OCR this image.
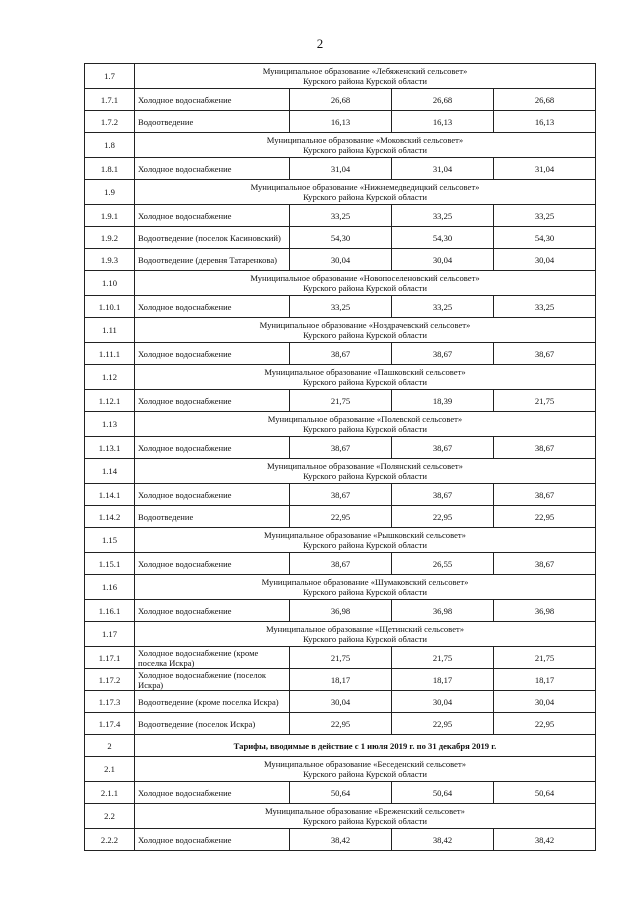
2
1.7	Муниципальное образование «Лебяженский сельсовет»
Курского района Курской области			

1.7.1	Холодное водоснабжение	26,68	26,68	26,68
1.7.2	Водоотведение	16,13	16,13	16,13
1.8	Муниципальное образование «Моковский сельсовет»
Курского района Курской области			

1.8.1	Холодное водоснабжение	31,04	31,04	31,04
1.9	Муниципальное образование «Нижнемедведицкий сельсовет»
Курского района Курской области			

1.9.1	Холодное водоснабжение	33,25	33,25	33,25
1.9.2	Водоотведение (поселок Касиновский)	54,30	54,30	54,30
1.9.3	Водоотведение (деревня Татаренкова)	30,04	30,04	30,04
1.10	Муниципальное образование «Новопоселеновский сельсовет»
Курского района Курской области			

1.10.1	Холодное водоснабжение	33,25	33,25	33,25
1.11	Муниципальное образование «Ноздрачевский сельсовет»
Курского района Курской области			

1.11.1	Холодное водоснабжение	38,67	38,67	38,67
1.12	Муниципальное образование «Пашковский сельсовет»
Курского района Курской области			

1.12.1	Холодное водоснабжение	21,75	18,39	21,75
1.13	Муниципальное образование «Полевской сельсовет»
Курского района Курской области			

1.13.1	Холодное водоснабжение	38,67	38,67	38,67
1.14	Муниципальное образование «Полянский сельсовет»
Курского района Курской области			

1.14.1	Холодное водоснабжение	38,67	38,67	38,67
1.14.2	Водоотведение	22,95	22,95	22,95
1.15	Муниципальное образование «Рышковский сельсовет»
Курского района Курской области			

1.15.1	Холодное водоснабжение	38,67	26,55	38,67
1.16	Муниципальное образование «Шумаковский сельсовет»
Курского района Курской области			

1.16.1	Холодное водоснабжение	36,98	36,98	36,98
1.17	Муниципальное образование «Щетинский сельсовет»
Курского района Курской области			

1.17.1	Холодное водоснабжение (кроме поселка Искра)	21,75	21,75	21,75
1.17.2	Холодное водоснабжение (поселок Искра)	18,17	18,17	18,17
1.17.3	Водоотведение (кроме поселка Искра)	30,04	30,04	30,04
1.17.4	Водоотведение (поселок Искра)	22,95	22,95	22,95
2	Тарифы, вводимые в действие с 1 июля 2019 г. по 31 декабря 2019 г.			
2.1	Муниципальное образование «Беседенский сельсовет»
Курского района Курской области			

2.1.1	Холодное водоснабжение	50,64	50,64	50,64
2.2	Муниципальное образование «Бреженский сельсовет»
Курского района Курской области			

2.2.2	Холодное водоснабжение	38,42	38,42	38,42
